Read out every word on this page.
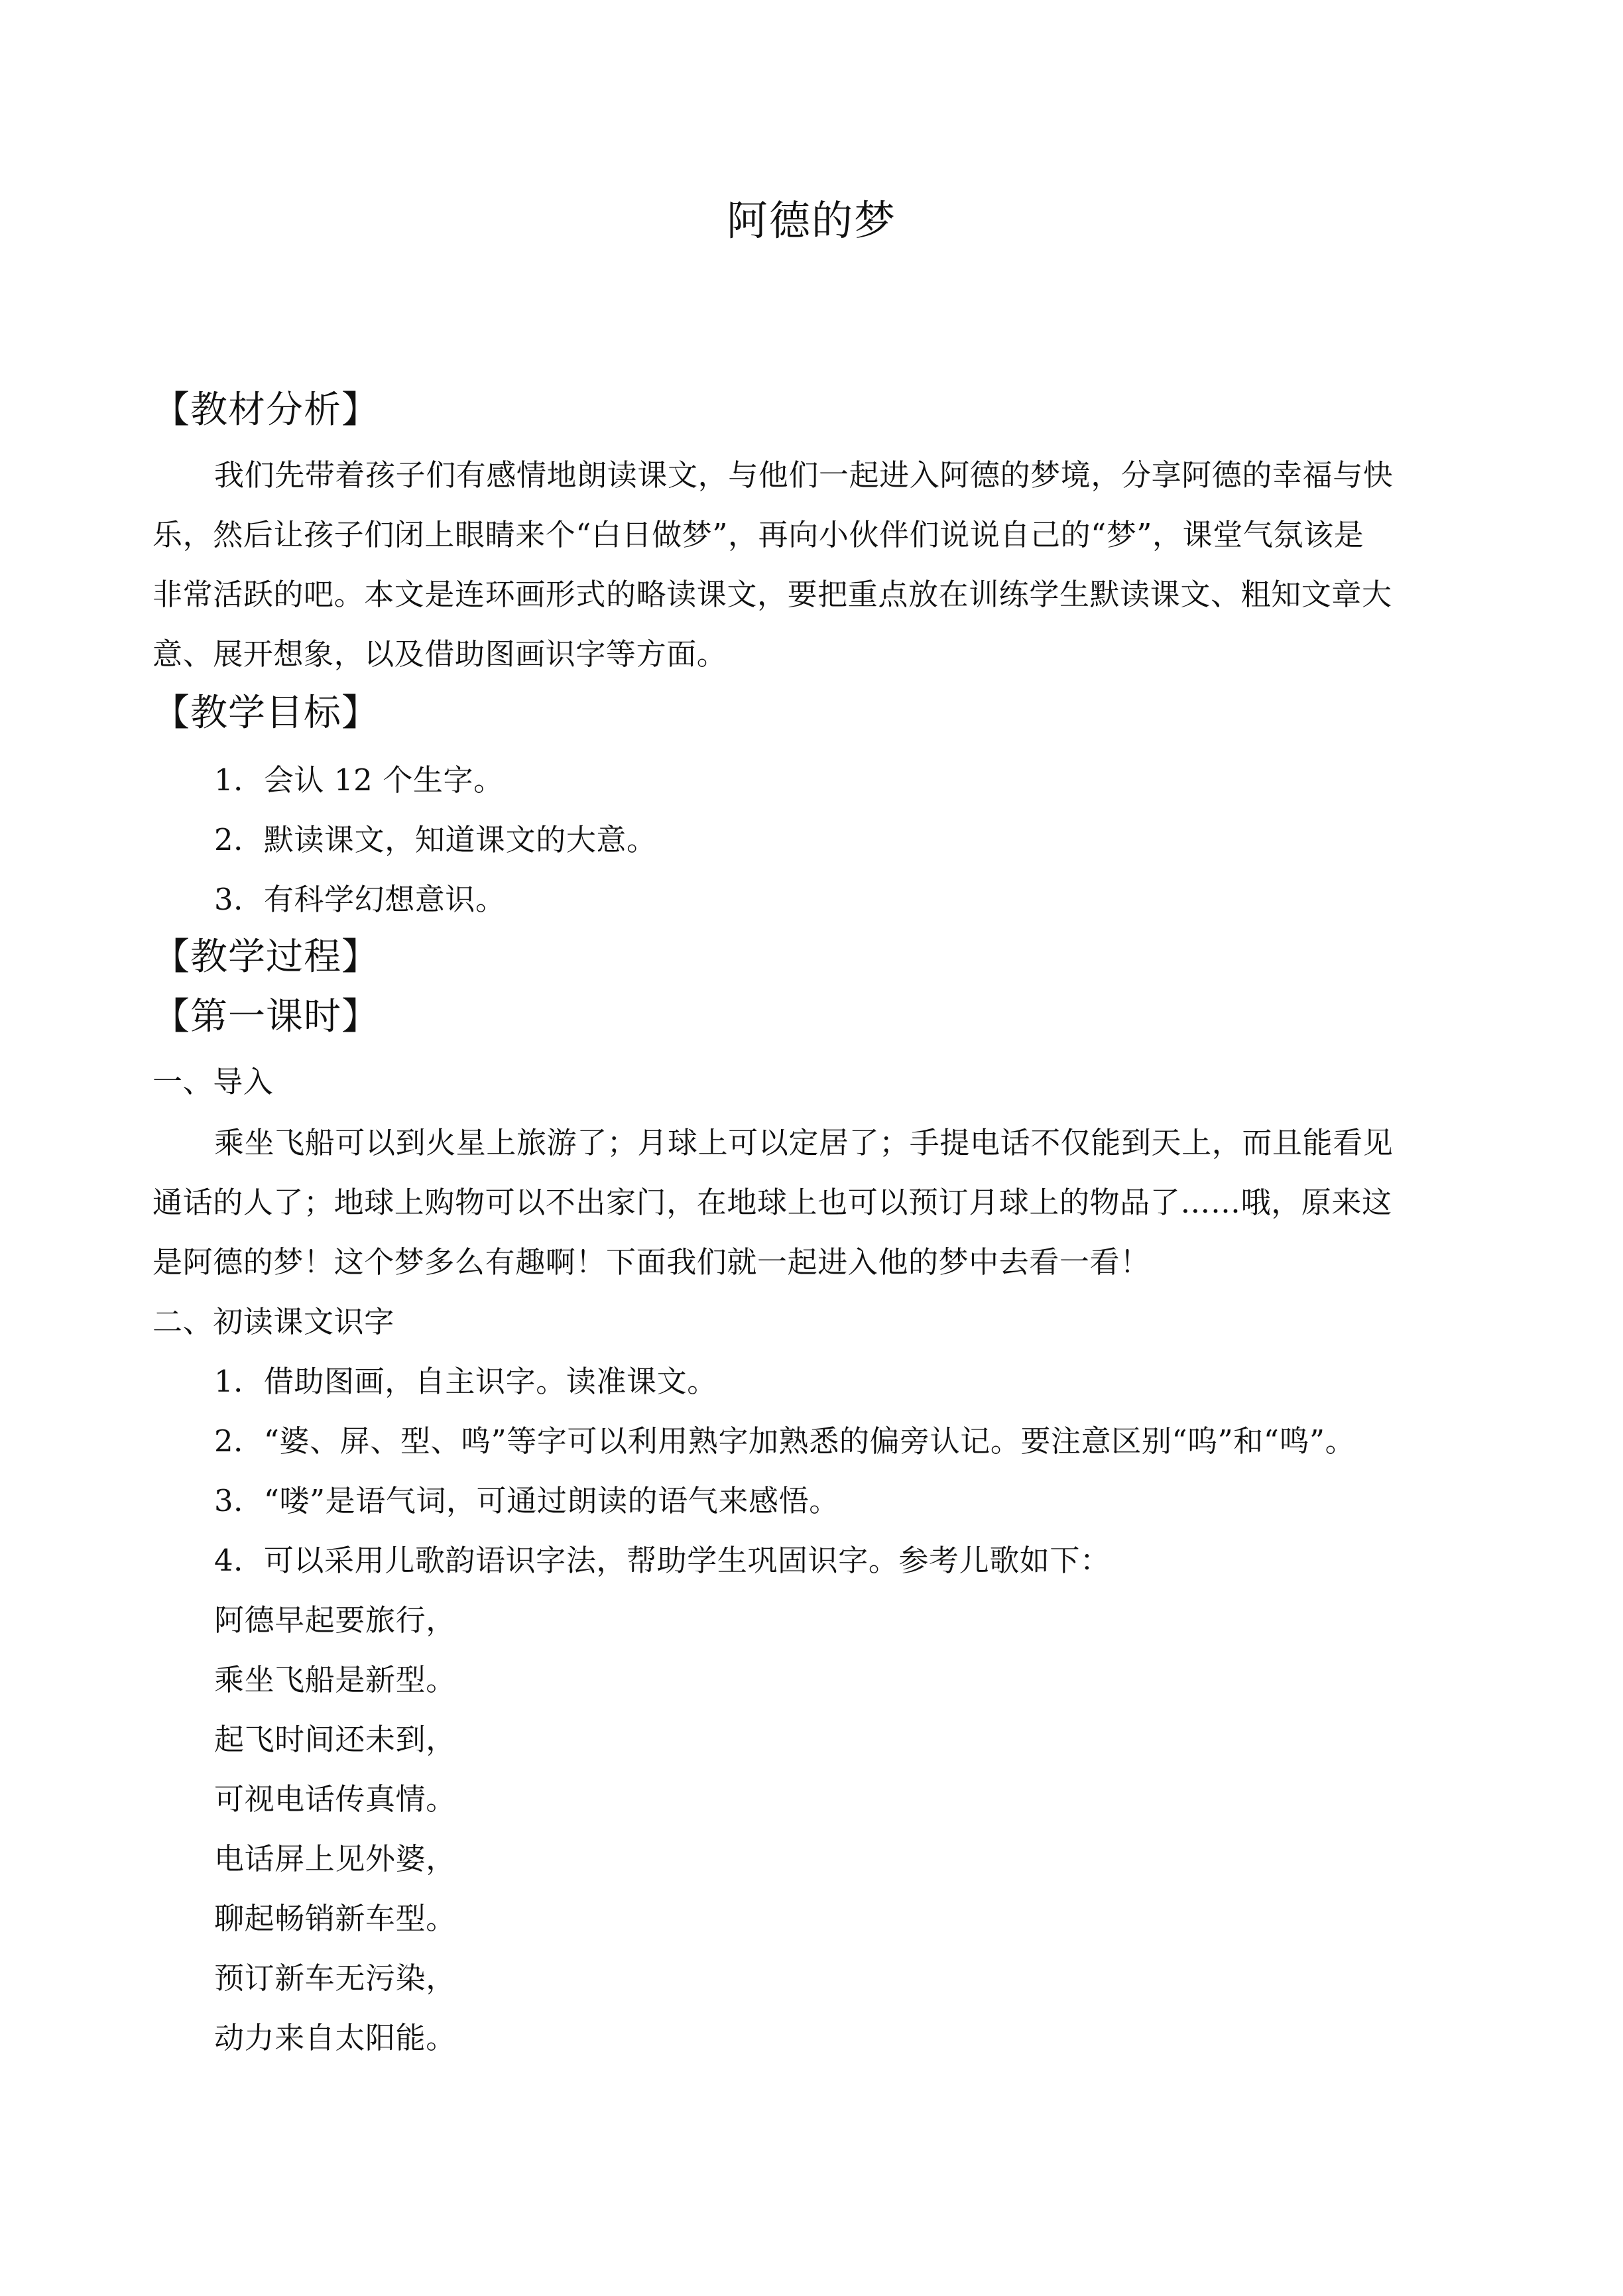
阿德的梦
【教材分析】
我们先带着孩子们有感情地朗读课文，与他们一起进入阿德的梦境，分享阿德的幸福与快
乐，然后让孩子们闭上眼睛来个“白日做梦”，再向小伙伴们说说自己的“梦”，课堂气氛该是
非常活跃的吧。本文是连环画形式的略读课文，要把重点放在训练学生默读课文、粗知文章大
意、展开想象，以及借助图画识字等方面。
【教学目标】
1．会认 12 个生字。
2．默读课文，知道课文的大意。
3．有科学幻想意识。
【教学过程】
【第一课时】
一、导入
乘坐飞船可以到火星上旅游了；月球上可以定居了；手提电话不仅能到天上，而且能看见
通话的人了；地球上购物可以不出家门，在地球上也可以预订月球上的物品了……哦，原来这
是阿德的梦！这个梦多么有趣啊！下面我们就一起进入他的梦中去看一看！
二、初读课文识字
1．借助图画，自主识字。读准课文。
2．“婆、屏、型、鸣”等字可以利用熟字加熟悉的偏旁认记。要注意区别“呜”和“鸣”。
3．“喽”是语气词，可通过朗读的语气来感悟。
4．可以采用儿歌韵语识字法，帮助学生巩固识字。参考儿歌如下：
阿德早起要旅行，
乘坐飞船是新型。
起飞时间还未到，
可视电话传真情。
电话屏上见外婆，
聊起畅销新车型。
预订新车无污染，
动力来自太阳能。
